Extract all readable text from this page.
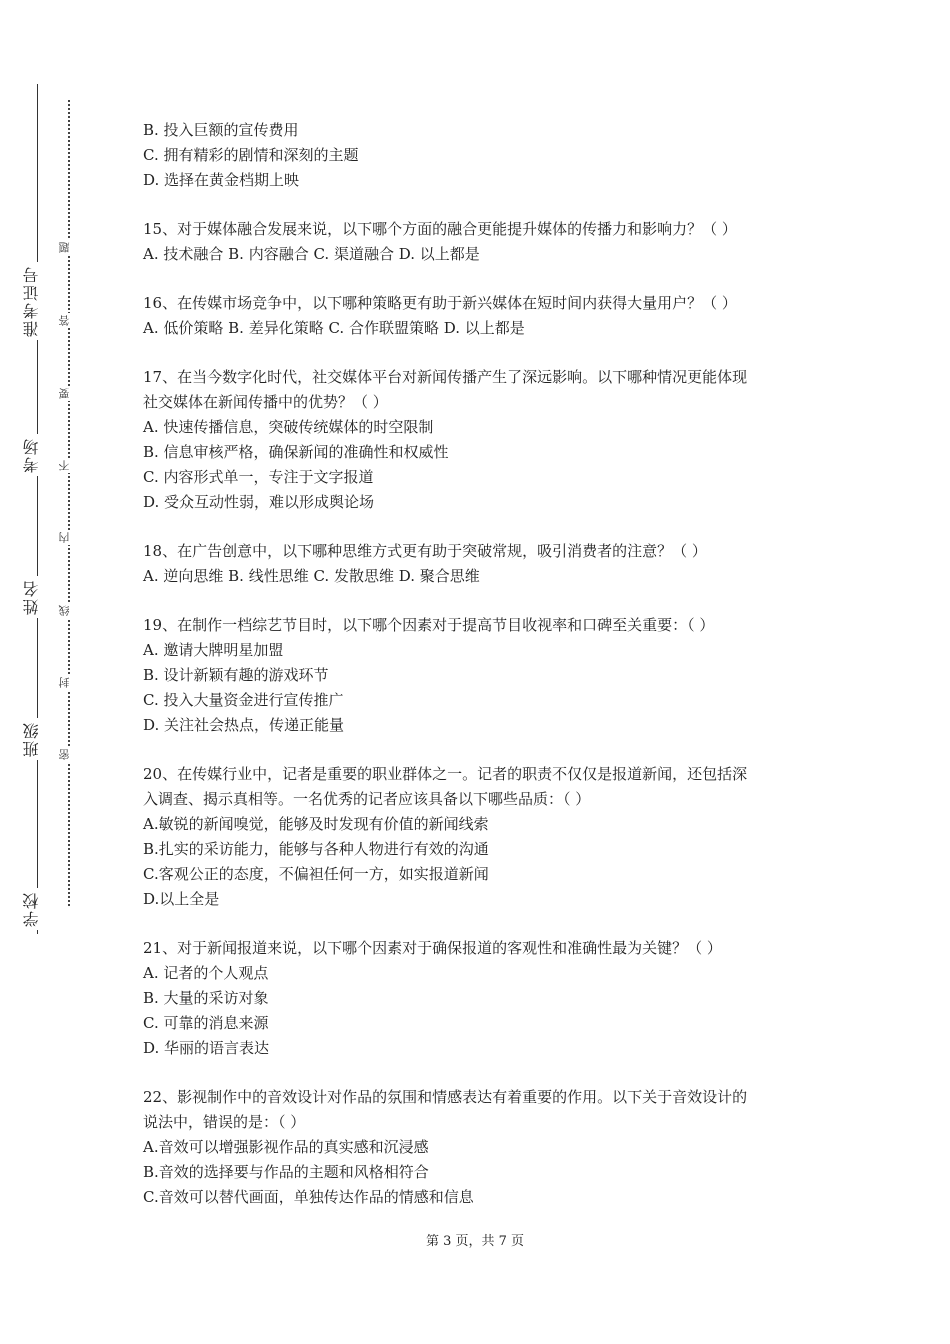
准考证号
考场
姓名
班级
学校
题
答
要
不
内
线
封
密
B. 投入巨额的宣传费用
C. 拥有精彩的剧情和深刻的主题
D. 选择在黄金档期上映
15、对于媒体融合发展来说，以下哪个方面的融合更能提升媒体的传播力和影响力？（ ）
A. 技术融合 B. 内容融合 C. 渠道融合 D. 以上都是
16、在传媒市场竞争中，以下哪种策略更有助于新兴媒体在短时间内获得大量用户？（ ）
A. 低价策略 B. 差异化策略 C. 合作联盟策略 D. 以上都是
17、在当今数字化时代，社交媒体平台对新闻传播产生了深远影响。以下哪种情况更能体现
社交媒体在新闻传播中的优势？（ ）
A. 快速传播信息，突破传统媒体的时空限制
B. 信息审核严格，确保新闻的准确性和权威性
C. 内容形式单一，专注于文字报道
D. 受众互动性弱，难以形成舆论场
18、在广告创意中，以下哪种思维方式更有助于突破常规，吸引消费者的注意？（ ）
A. 逆向思维 B. 线性思维 C. 发散思维 D. 聚合思维
19、在制作一档综艺节目时，以下哪个因素对于提高节目收视率和口碑至关重要：（ ）
A. 邀请大牌明星加盟
B. 设计新颖有趣的游戏环节
C. 投入大量资金进行宣传推广
D. 关注社会热点，传递正能量
20、在传媒行业中，记者是重要的职业群体之一。记者的职责不仅仅是报道新闻，还包括深
入调查、揭示真相等。一名优秀的记者应该具备以下哪些品质：（ ）
A.敏锐的新闻嗅觉，能够及时发现有价值的新闻线索
B.扎实的采访能力，能够与各种人物进行有效的沟通
C.客观公正的态度，不偏袒任何一方，如实报道新闻
D.以上全是
21、对于新闻报道来说，以下哪个因素对于确保报道的客观性和准确性最为关键？（ ）
A. 记者的个人观点
B. 大量的采访对象
C. 可靠的消息来源
D. 华丽的语言表达
22、影视制作中的音效设计对作品的氛围和情感表达有着重要的作用。以下关于音效设计的
说法中，错误的是：（ ）
A.音效可以增强影视作品的真实感和沉浸感
B.音效的选择要与作品的主题和风格相符合
C.音效可以替代画面，单独传达作品的情感和信息
第 3 页，共 7 页
